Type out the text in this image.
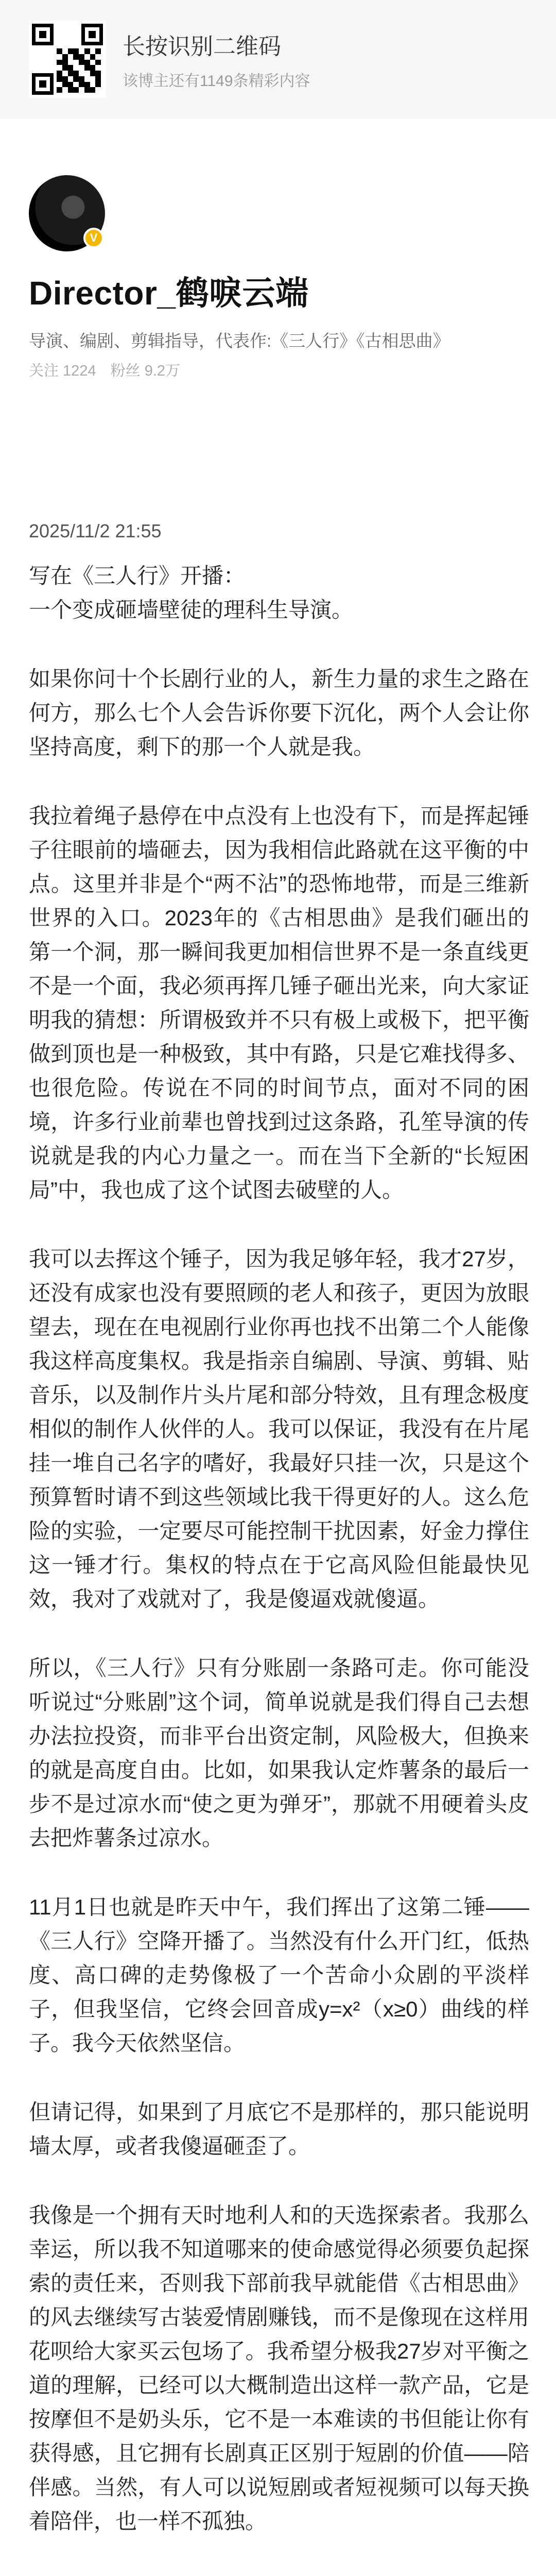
长按识别二维码
该博主还有1149条精彩内容
V
Director_鹤唳云端
导演、编剧、剪辑指导，代表作:《三人行》《古相思曲》
关注 1224 粉丝 9.2万
2025/11/2 21:55

写在《三人行》开播：
一个变成砸墙壁徒的理科生导演。

如果你问十个长剧行业的人，新生力量的求生之路在何方，那么七个人会告诉你要下沉化，两个人会让你坚持高度，剩下的那一个人就是我。

我拉着绳子悬停在中点没有上也没有下，而是挥起锤子往眼前的墙砸去，因为我相信此路就在这平衡的中点。这里并非是个“两不沾”的恐怖地带，而是三维新世界的入口。2023年的《古相思曲》是我们砸出的第一个洞，那一瞬间我更加相信世界不是一条直线更不是一个面，我必须再挥几锤子砸出光来，向大家证明我的猜想：所谓极致并不只有极上或极下，把平衡做到顶也是一种极致，其中有路，只是它难找得多、也很危险。传说在不同的时间节点，面对不同的困境，许多行业前辈也曾找到过这条路，孔笙导演的传说就是我的内心力量之一。而在当下全新的“长短困局”中，我也成了这个试图去破壁的人。

我可以去挥这个锤子，因为我足够年轻，我才27岁，还没有成家也没有要照顾的老人和孩子，更因为放眼望去，现在在电视剧行业你再也找不出第二个人能像我这样高度集权。我是指亲自编剧、导演、剪辑、贴音乐，以及制作片头片尾和部分特效，且有理念极度相似的制作人伙伴的人。我可以保证，我没有在片尾挂一堆自己名字的嗜好，我最好只挂一次，只是这个预算暂时请不到这些领域比我干得更好的人。这么危险的实验，一定要尽可能控制干扰因素，好金力撑住这一锤才行。集权的特点在于它高风险但能最快见效，我对了戏就对了，我是傻逼戏就傻逼。

所以，《三人行》只有分账剧一条路可走。你可能没听说过“分账剧”这个词，简单说就是我们得自己去想办法拉投资，而非平台出资定制，风险极大，但换来的就是高度自由。比如，如果我认定炸薯条的最后一步不是过凉水而“使之更为弹牙”，那就不用硬着头皮去把炸薯条过凉水。

11月1日也就是昨天中午，我们挥出了这第二锤——《三人行》空降开播了。当然没有什么开门红，低热度、高口碑的走势像极了一个苦命小众剧的平淡样子，但我坚信，它终会回音成y=x²（x≥0）曲线的样子。我今天依然坚信。

但请记得，如果到了月底它不是那样的，那只能说明墙太厚，或者我傻逼砸歪了。

我像是一个拥有天时地利人和的天选探索者。我那么幸运，所以我不知道哪来的使命感觉得必须要负起探索的责任来，否则我下部前我早就能借《古相思曲》的风去继续写古装爱情剧赚钱，而不是像现在这样用花呗给大家买云包场了。我希望分极我27岁对平衡之道的理解，已经可以大概制造出这样一款产品，它是按摩但不是奶头乐，它不是一本难读的书但能让你有获得感，且它拥有长剧真正区别于短剧的价值——陪伴感。当然，有人可以说短剧或者短视频可以每天换着陪伴，也一样不孤独。
